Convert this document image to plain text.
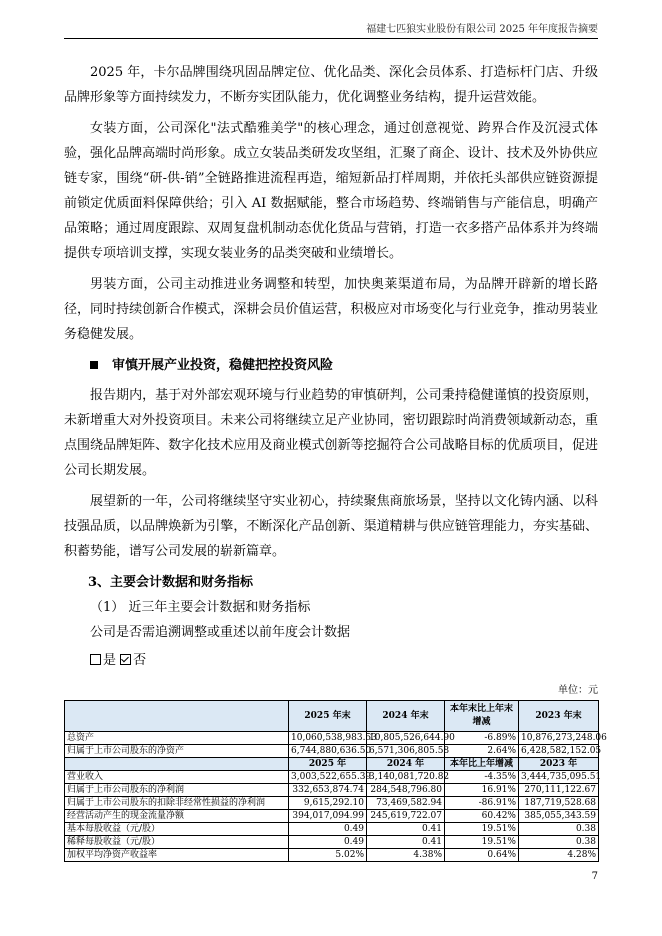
福建七匹狼实业股份有限公司 2025 年年度报告摘要

2025 年，卡尔品牌围绕巩固品牌定位、优化品类、深化会员体系、打造标杆门店、升级品牌形象等方面持续发力，不断夯实团队能力，优化调整业务结构，提升运营效能。

女装方面，公司深化"法式酷雅美学"的核心理念，通过创意视觉、跨界合作及沉浸式体验，强化品牌高端时尚形象。成立女装品类研发攻坚组，汇聚了商企、设计、技术及外协供应链专家，围绕“研-供-销”全链路推进流程再造，缩短新品打样周期，并依托头部供应链资源提前锁定优质面料保障供给；引入 AI 数据赋能，整合市场趋势、终端销售与产能信息，明确产品策略；通过周度跟踪、双周复盘机制动态优化货品与营销，打造一衣多搭产品体系并为终端提供专项培训支撑，实现女装业务的品类突破和业绩增长。

男装方面，公司主动推进业务调整和转型，加快奥莱渠道布局，为品牌开辟新的增长路径，同时持续创新合作模式，深耕会员价值运营，积极应对市场变化与行业竞争，推动男装业务稳健发展。

审慎开展产业投资，稳健把控投资风险

报告期内，基于对外部宏观环境与行业趋势的审慎研判，公司秉持稳健谨慎的投资原则，未新增重大对外投资项目。未来公司将继续立足产业协同，密切跟踪时尚消费领域新动态，重点围绕品牌矩阵、数字化技术应用及商业模式创新等挖掘符合公司战略目标的优质项目，促进公司长期发展。

展望新的一年，公司将继续坚守实业初心，持续聚焦商旅场景，坚持以文化铸内涵、以科技强品质，以品牌焕新为引擎，不断深化产品创新、渠道精耕与供应链管理能力，夯实基础、积蓄势能，谱写公司发展的崭新篇章。

3、主要会计数据和财务指标

（1） 近三年主要会计数据和财务指标

公司是否需追溯调整或重述以前年度会计数据

是 否

单位：元
	2025 年末	2024 年末	本年末比上年末增减	2023 年末
总资产	10,060,538,983.53	10,805,526,644.90	-6.89%	10,876,273,248.06
归属于上市公司股东的净资产	6,744,880,636.50	6,571,306,805.58	2.64%	6,428,582,152.05
	2025 年	2024 年	本年比上年增减	2023 年
营业收入	3,003,522,655.39	3,140,081,720.82	-4.35%	3,444,735,095.51
归属于上市公司股东的净利润	332,653,874.74	284,548,796.80	16.91%	270,111,122.67
归属于上市公司股东的扣除非经常性损益的净利润	9,615,292.10	73,469,582.94	-86.91%	187,719,528.68
经营活动产生的现金流量净额	394,017,094.99	245,619,722.07	60.42%	385,055,343.59
基本每股收益（元/股）	0.49	0.41	19.51%	0.38
稀释每股收益（元/股）	0.49	0.41	19.51%	0.38
加权平均净资产收益率	5.02%	4.38%	0.64%	4.28%
7
